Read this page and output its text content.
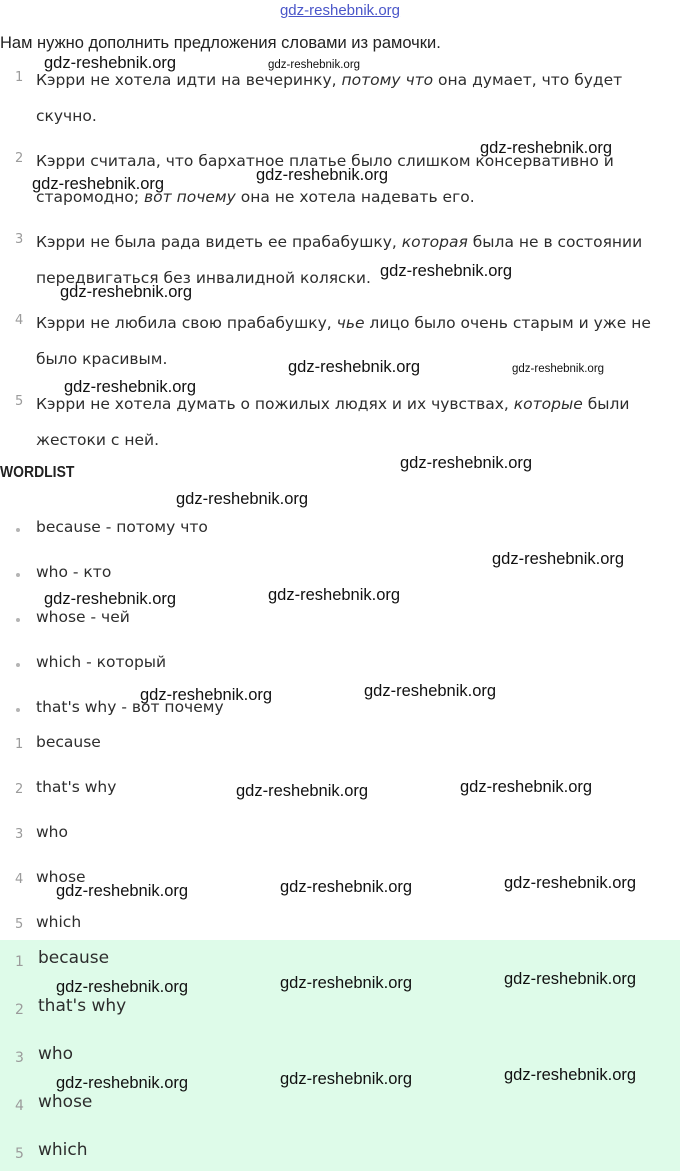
gdz-reshebnik.org
Нам нужно дополнить предложения словами из рамочки.
1 Кэрри не хотела идти на вечеринку, потому что она думает, что будет скучно.
2 Кэрри считала, что бархатное платье было слишком консервативно и старомодно; вот почему она не хотела надевать его.
3 Кэрри не была рада видеть ее прабабушку, которая была не в состоянии передвигаться без инвалидной коляски.
4 Кэрри не любила свою прабабушку, чье лицо было очень старым и уже не было красивым.
5 Кэрри не хотела думать о пожилых людях и их чувствах, которые были жестоки с ней.
WORDLIST
because - потому что
who - кто
whose - чей
which - который
that's why - вот почему
1 because
2 that's why
3 who
4 whose
5 which
1 because
2 that's why
3 who
4 whose
5 which
gdz-reshebnik.org	gdz-reshebnik.org
gdz-reshebnik.org
gdz-reshebnik.org
gdz-reshebnik.org
gdz-reshebnik.org
gdz-reshebnik.org
gdz-reshebnik.org	gdz-reshebnik.org
gdz-reshebnik.org
gdz-reshebnik.org
gdz-reshebnik.org
gdz-reshebnik.org
gdz-reshebnik.org
gdz-reshebnik.org
gdz-reshebnik.org
gdz-reshebnik.org
gdz-reshebnik.org
gdz-reshebnik.org
gdz-reshebnik.org
gdz-reshebnik.org
gdz-reshebnik.org
gdz-reshebnik.org
gdz-reshebnik.org
gdz-reshebnik.org
gdz-reshebnik.org
gdz-reshebnik.org
gdz-reshebnik.org
